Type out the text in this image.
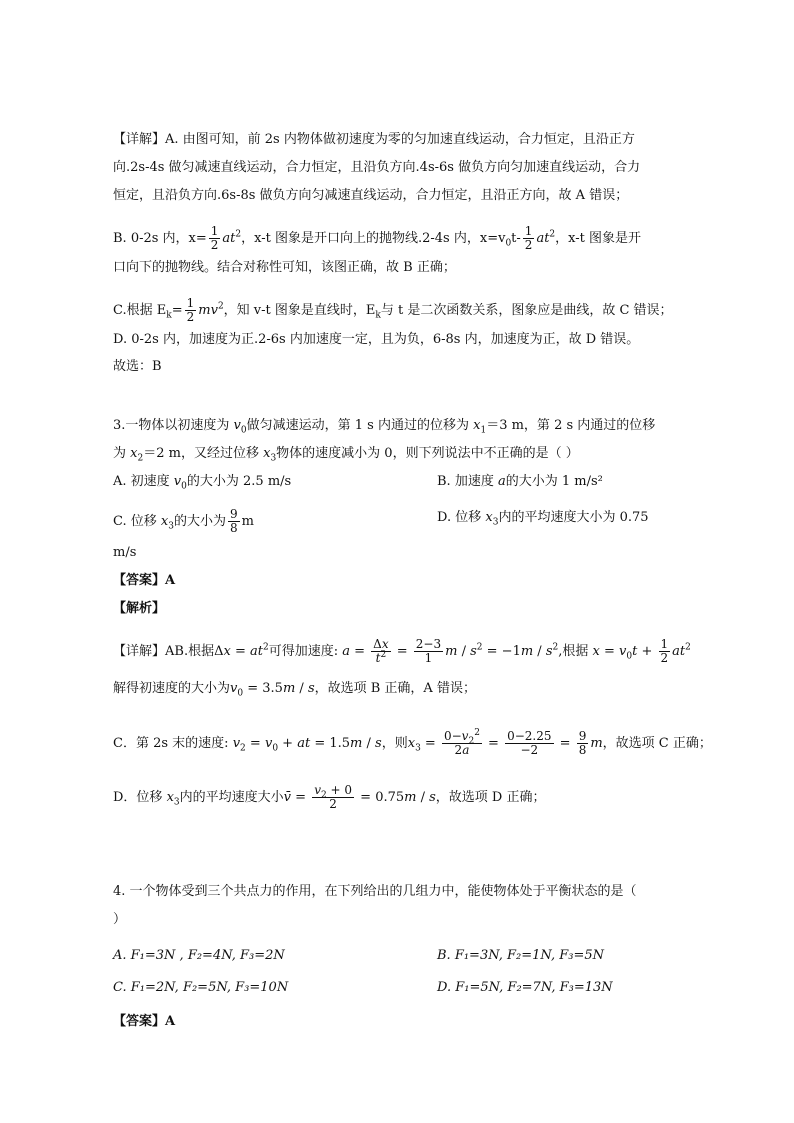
【详解】A. 由图可知，前 2s 内物体做初速度为零的匀加速直线运动，合力恒定，且沿正方
向.2s-4s 做匀减速直线运动，合力恒定，且沿负方向.4s-6s 做负方向匀加速直线运动，合力
恒定，且沿负方向.6s-8s 做负方向匀减速直线运动，合力恒定，且沿正方向，故 A 错误；
B. 0-2s 内，$x= \frac{1}{2} at^2$，x-t 图象是开口向上的抛物线.2-4s 内，$x=v_0t- \frac{1}{2} at^2$，x-t 图象是开
口向下的抛物线。结合对称性可知，该图正确，故 B 正确；
C.根据 $E_k= \frac{1}{2} mv^2$，知 v-t 图象是直线时，$E_k$与 t 是二次函数关系，图象应是曲线，故 C 错误；
D. 0-2s 内，加速度为正.2-6s 内加速度一定，且为负，6-8s 内，加速度为正，故 D 错误。
故选：B
3.一物体以初速度为 $v_0$做匀减速运动，第 1 s 内通过的位移为 $x_1=3$ m，第 2 s 内通过的位移
为 $x_2=2$ m，又经过位移 $x_3$物体的速度减小为 0，则下列说法中不正确的是（ ）
A. 初速度 $v_0$的大小为 2.5 m/s	B. 加速度 a的大小为 1 m/s²
C. 位移 $x_3$的大小为 $\frac{9}{8}$ m	D. 位移 $x_3$内的平均速度大小为 0.75
m/s
【答案】A
【解析】
【详解】AB.根据$\Delta x = at^2$可得加速度: $a = \frac{\Delta x}{t^2} = \frac{2-3}{1}$ $m / s^2 = -1m / s^2$,根据 $x = v_0t + \frac{1}{2} at^2$
解得初速度的大小为$v_0 = 3.5m / s$，故选项 B 正确，A 错误；
C．第 2s 末的速度: $v_2 = v_0$ + at = 1.5m / s，则$x_3 = \frac{0-v_2^2}{2a} = \frac{0-2.25}{-2} = \frac{9}{8}$ m，故选项 C 正确；
D．位移 $x_3$内的平均速度大小v̄ = $\frac{v_2 + 0}{2} = 0.75m / s$，故选项 D 正确；
4. 一个物体受到三个共点力的作用，在下列给出的几组力中，能使物体处于平衡状态的是（
）
A. F₁=3N , F₂=4N, F₃=2N	B. F₁=3N, F₂=1N, F₃=5N
C. F₁=2N, F₂=5N, F₃=10N	D. F₁=5N, F₂=7N, F₃=13N
【答案】A
